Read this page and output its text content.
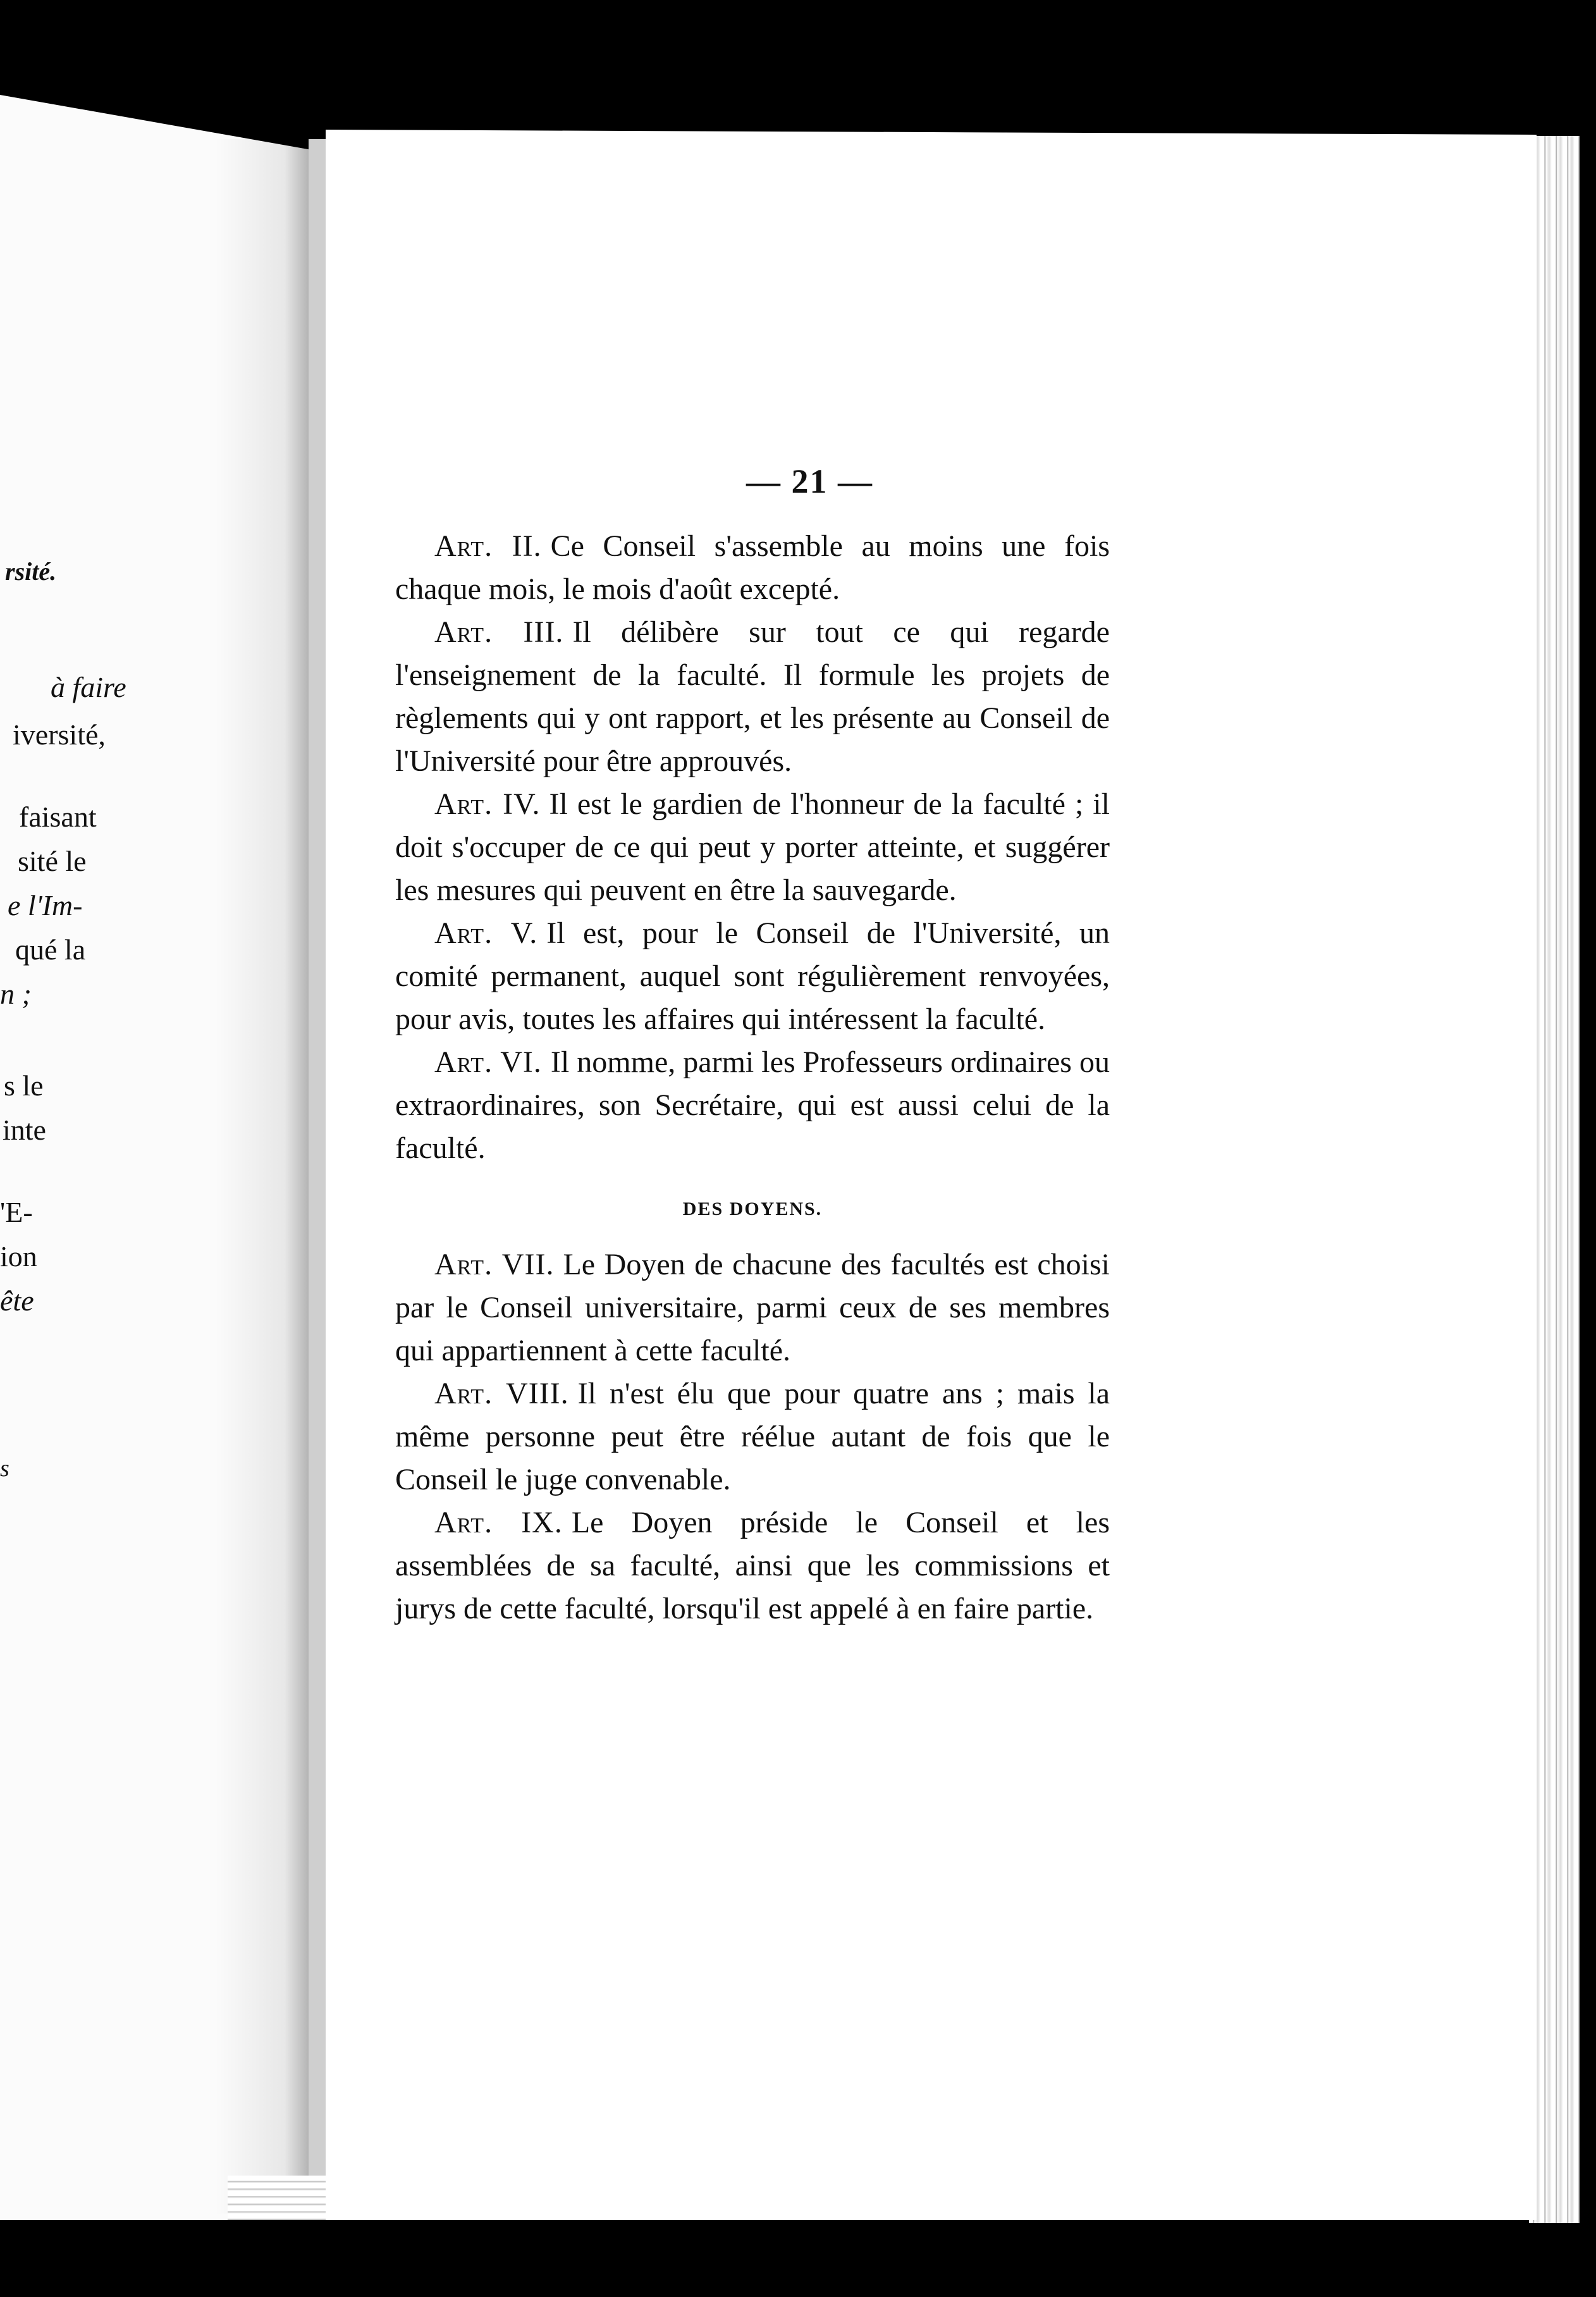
rsité.
à faire
iversité,
faisant
sité le
e l'Im-
qué la
n ;
s le
inte
'E-
ion
ête
s
— 21 —

Art. II. Ce Conseil s'assemble au moins une fois chaque mois, le mois d'août excepté.

Art. III. Il délibère sur tout ce qui regarde l'enseignement de la faculté. Il formule les projets de règlements qui y ont rapport, et les présente au Conseil de l'Université pour être approuvés.

Art. IV. Il est le gardien de l'honneur de la faculté ; il doit s'occuper de ce qui peut y porter atteinte, et suggérer les mesures qui peuvent en être la sauvegarde.

Art. V. Il est, pour le Conseil de l'Université, un comité permanent, auquel sont régulièrement renvoyées, pour avis, toutes les affaires qui intéressent la faculté.

Art. VI. Il nomme, parmi les Professeurs ordinaires ou extraordinaires, son Secrétaire, qui est aussi celui de la faculté.

DES DOYENS.

Art. VII. Le Doyen de chacune des facultés est choisi par le Conseil universitaire, parmi ceux de ses membres qui appartiennent à cette faculté.

Art. VIII. Il n'est élu que pour quatre ans ; mais la même personne peut être réélue autant de fois que le Conseil le juge convenable.

Art. IX. Le Doyen préside le Conseil et les assemblées de sa faculté, ainsi que les commissions et jurys de cette faculté, lorsqu'il est appelé à en faire partie.
